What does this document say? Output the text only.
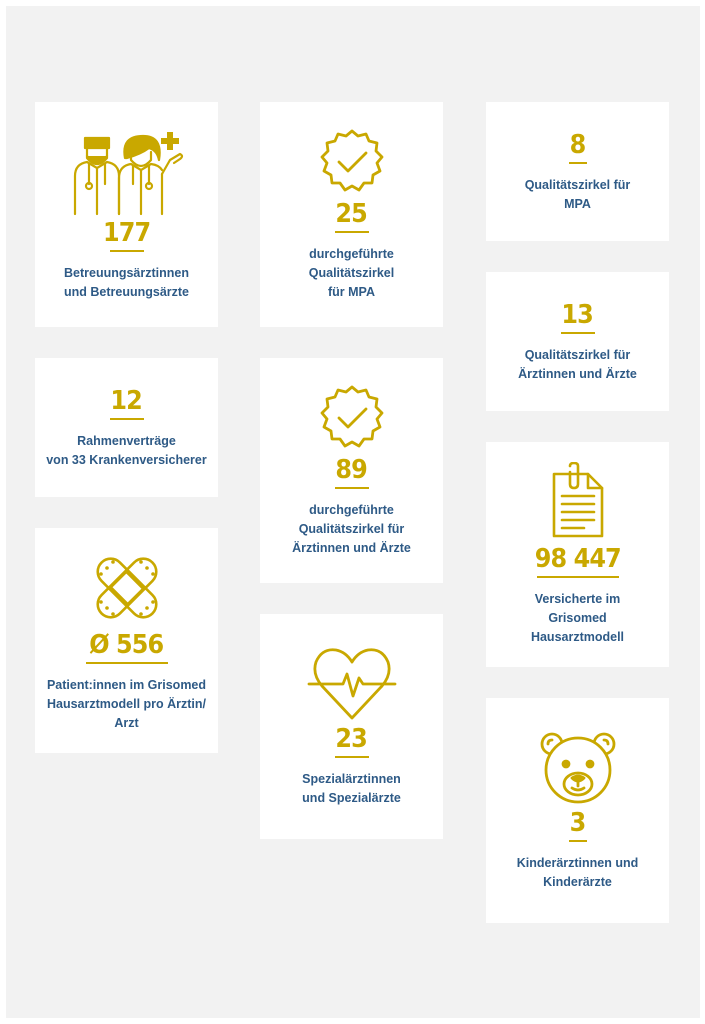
177
Betreuungsärztinnen
und Betreuungsärzte
25
durchgeführte
Qualitätszirkel
für MPA
8
Qualitätszirkel für
MPA
13
Qualitätszirkel für
Ärztinnen und Ärzte
12
Rahmenverträge
von 33 Krankenversicherer	89
durchgeführte
Qualitätszirkel für
Ärztinnen und Ärzte	98 447
Versicherte im
Grisomed
Hausarztmodell
Ø 556
Patient:innen im Grisomed
Hausarztmodell pro Ärztin/
Arzt
23
Spezialärztinnen
und Spezialärzte
3
Kinderärztinnen und
Kinderärzte
